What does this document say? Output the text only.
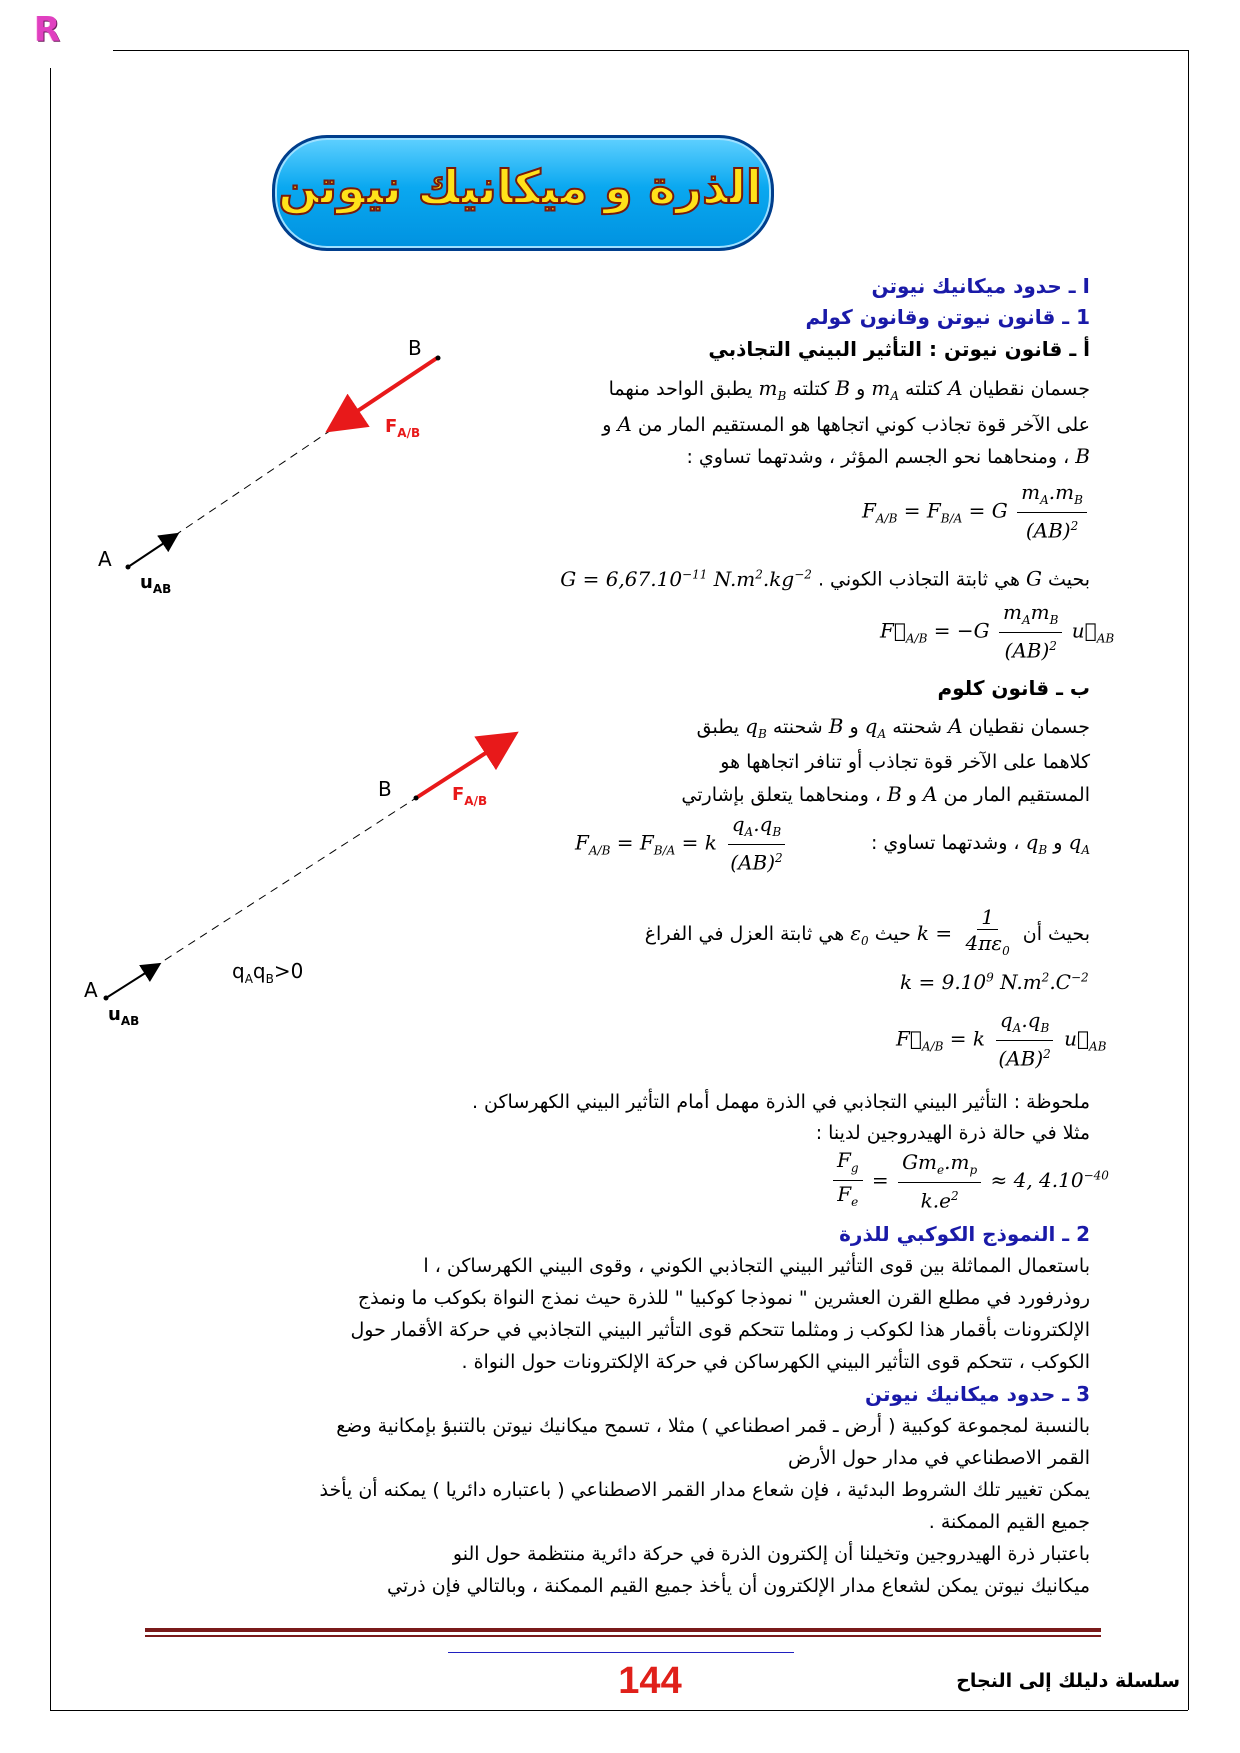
R
الذرة و ميكانيك نيوتن
I ـ حدود ميكانيك نيوتن
1 ـ قانون نيوتن وقانون كولم
أ ـ قانون نيوتن : التأثير البيني التجاذبي
جسمان نقطيان A كتلته $m_A$ و B كتلته $m_B$ يطبق الواحد منهما
على الآخر قوة تجاذب كوني اتجاهها هو المستقيم المار من A و
B ، ومنحاهما نحو الجسم المؤثر ، وشدتهما تساوي :
$F_{A/B} = F_{B/A} = G \frac{m_A.m_B}{(AB)^2}$
بحيث G هي ثابتة التجاذب الكوني . $G = 6,67.10^{-11}$ $N.m^2.kg^{-2}$
$F⃗_{A/B} = -G \frac{m_Am_B}{(AB)^2}$ $u⃗_{AB}$
ب ـ قانون كلوم
جسمان نقطيان A شحنته $q_A$ و B شحنته $q_B$ يطبق
كلاهما على الآخر قوة تجاذب أو تنافر اتجاهها هو
المستقيم المار من A و B ، ومنحاهما يتعلق بإشارتي
$q_A$ و $q_B$ ، وشدتهما تساوي :
$F_{A/B} = F_{B/A} = k \frac{q_A.q_B}{(AB)^2}$
بحيث أن $k = \frac{1}{4\pi\varepsilon_0}$
حيث $\varepsilon_0$ هي ثابتة العزل في الفراغ
$k = 9.10^9$ $N.m^2.C^{-2}$
$F⃗_{A/B} = k \frac{q_A.q_B}{(AB)^2}$ $u⃗_{AB}$
ملحوظة : التأثير البيني التجاذبي في الذرة مهمل أمام التأثير البيني الكهرساكن .
مثلا في حالة ذرة الهيدروجين لدينا :
$\frac{F_g}{F_e} = \frac{Gm_e.m_p}{k.e^2} \approx 4$, $4.10^{-40}$
2 ـ النموذج الكوكبي للذرة
باستعمال المماثلة بين قوى التأثير البيني التجاذبي الكوني ، وقوى البيني الكهرساكن ، ا
روذرفورد في مطلع القرن العشرين " نموذجا كوكبيا " للذرة حيث نمذج النواة بكوكب ما ونمذج
الإلكترونات بأقمار هذا لكوكب ز ومثلما تتحكم قوى التأثير البيني التجاذبي في حركة الأقمار حول
الكوكب ، تتحكم قوى التأثير البيني الكهرساكن في حركة الإلكترونات حول النواة .
3 ـ حدود ميكانيك نيوتن
بالنسبة لمجموعة كوكبية ( أرض ـ قمر اصطناعي ) مثلا ، تسمح ميكانيك نيوتن بالتنبؤ بإمكانية وضع
القمر الاصطناعي في مدار حول الأرض
يمكن تغيير تلك الشروط البدئية ، فإن شعاع مدار القمر الاصطناعي ( باعتباره دائريا ) يمكنه أن يأخذ
جميع القيم الممكنة .
باعتبار ذرة الهيدروجين وتخيلنا أن إلكترون الذرة في حركة دائرية منتظمة حول النو
ميكانيك نيوتن يمكن لشعاع مدار الإلكترون أن يأخذ جميع القيم الممكنة ، وبالتالي فإن ذرتي
B
A
$F_{A/B}$
$u_{AB}$
B
A
$F_{A/B}$
$u_{AB}$
$q_Aq_B>0$
144	سلسلة دليلك إلى النجاح
